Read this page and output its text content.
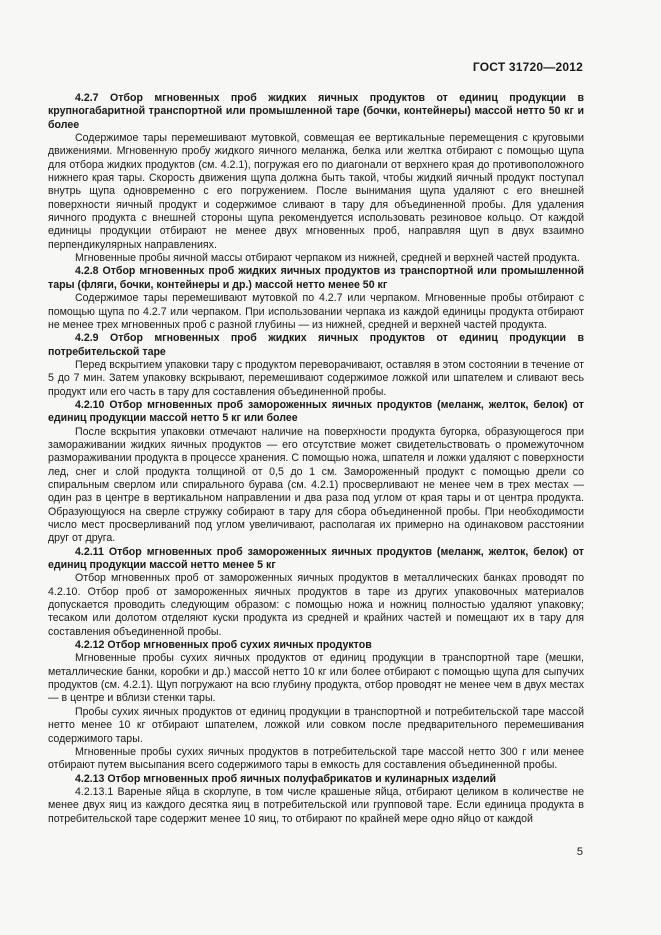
ГОСТ 31720—2012

4.2.7 Отбор мгновенных проб жидких яичных продуктов от единиц продукции в крупногабаритной транспортной или промышленной таре (бочки, контейнеры) массой нетто 50 кг и более

Содержимое тары перемешивают мутовкой, совмещая ее вертикальные перемещения с круговыми движениями. Мгновенную пробу жидкого яичного меланжа, белка или желтка отбирают с помощью щупа для отбора жидких продуктов (см. 4.2.1), погружая его по диагонали от верхнего края до противоположного нижнего края тары. Скорость движения щупа должна быть такой, чтобы жидкий яичный продукт поступал внутрь щупа одновременно с его погружением. После вынимания щупа удаляют с его внешней поверхности яичный продукт и содержимое сливают в тару для объединенной пробы. Для удаления яичного продукта с внешней стороны щупа рекомендуется использовать резиновое кольцо. От каждой единицы продукции отбирают не менее двух мгновенных проб, направляя щуп в двух взаимно перпендикулярных направлениях.

Мгновенные пробы яичной массы отбирают черпаком из нижней, средней и верхней частей продукта.

4.2.8 Отбор мгновенных проб жидких яичных продуктов из транспортной или промышленной тары (фляги, бочки, контейнеры и др.) массой нетто менее 50 кг

Содержимое тары перемешивают мутовкой по 4.2.7 или черпаком. Мгновенные пробы отбирают с помощью щупа по 4.2.7 или черпаком. При использовании черпака из каждой единицы продукта отбирают не менее трех мгновенных проб с разной глубины — из нижней, средней и верхней частей продукта.

4.2.9 Отбор мгновенных проб жидких яичных продуктов от единиц продукции в потребительской таре

Перед вскрытием упаковки тару с продуктом переворачивают, оставляя в этом состоянии в течение от 5 до 7 мин. Затем упаковку вскрывают, перемешивают содержимое ложкой или шпателем и сливают весь продукт или его часть в тару для составления объединенной пробы.

4.2.10 Отбор мгновенных проб замороженных яичных продуктов (меланж, желток, белок) от единиц продукции массой нетто 5 кг или более

После вскрытия упаковки отмечают наличие на поверхности продукта бугорка, образующегося при замораживании жидких яичных продуктов — его отсутствие может свидетельствовать о промежуточном размораживании продукта в процессе хранения. С помощью ножа, шпателя и ложки удаляют с поверхности лед, снег и слой продукта толщиной от 0,5 до 1 см. Замороженный продукт с помощью дрели со спиральным сверлом или спирального бурава (см. 4.2.1) просверливают не менее чем в трех местах — один раз в центре в вертикальном направлении и два раза под углом от края тары и от центра продукта. Образующуюся на сверле стружку собирают в тару для сбора объединенной пробы. При необходимости число мест просверливаний под углом увеличивают, располагая их примерно на одинаковом расстоянии друг от друга.

4.2.11 Отбор мгновенных проб замороженных яичных продуктов (меланж, желток, белок) от единиц продукции массой нетто менее 5 кг

Отбор мгновенных проб от замороженных яичных продуктов в металлических банках проводят по 4.2.10. Отбор проб от замороженных яичных продуктов в таре из других упаковочных материалов допускается проводить следующим образом: с помощью ножа и ножниц полностью удаляют упаковку; тесаком или долотом отделяют куски продукта из средней и крайних частей и помещают их в тару для составления объединенной пробы.

4.2.12 Отбор мгновенных проб сухих яичных продуктов

Мгновенные пробы сухих яичных продуктов от единиц продукции в транспортной таре (мешки, металлические банки, коробки и др.) массой нетто 10 кг или более отбирают с помощью щупа для сыпучих продуктов (см. 4.2.1). Щуп погружают на всю глубину продукта, отбор проводят не менее чем в двух местах — в центре и вблизи стенки тары.

Пробы сухих яичных продуктов от единиц продукции в транспортной и потребительской таре массой нетто менее 10 кг отбирают шпателем, ложкой или совком после предварительного перемешивания содержимого тары.

Мгновенные пробы сухих яичных продуктов в потребительской таре массой нетто 300 г или менее отбирают путем высыпания всего содержимого тары в емкость для составления объединенной пробы.

4.2.13 Отбор мгновенных проб яичных полуфабрикатов и кулинарных изделий

4.2.13.1 Вареные яйца в скорлупе, в том числе крашеные яйца, отбирают целиком в количестве не менее двух яиц из каждого десятка яиц в потребительской или групповой таре. Если единица продукта в потребительской таре содержит менее 10 яиц, то отбирают по крайней мере одно яйцо от каждой

5
